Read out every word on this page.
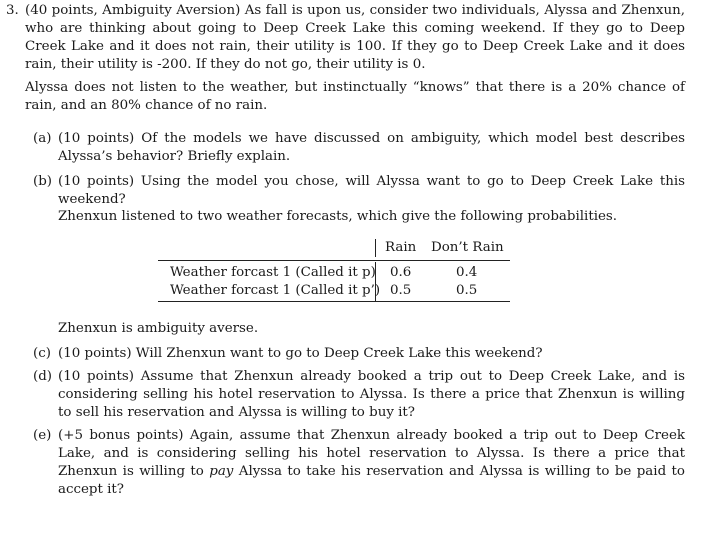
3. (40 points, Ambiguity Aversion) As fall is upon us, consider two individuals, Alyssa and Zhenxun, who are thinking about going to Deep Creek Lake this coming weekend. If they go to Deep Creek Lake and it does not rain, their utility is 100. If they go to Deep Creek Lake and it does rain, their utility is -200. If they do not go, their utility is 0.

Alyssa does not listen to the weather, but instinctually “knows” that there is a 20% chance of rain, and an 80% chance of no rain.

(a) (10 points) Of the models we have discussed on ambiguity, which model best describes Alyssa’s behavior? Briefly explain.

(b) (10 points) Using the model you chose, will Alyssa want to go to Deep Creek Lake this weekend?

Zhenxun listened to two weather forecasts, which give the following probabilities.

Rain Don’t Rain
Weather forcast 1 (Called it p) 0.6	0.4
Weather forcast 1 (Called it p’) 0.5	0.5

Zhenxun is ambiguity averse.

(c) (10 points) Will Zhenxun want to go to Deep Creek Lake this weekend?

(d) (10 points) Assume that Zhenxun already booked a trip out to Deep Creek Lake, and is considering selling his hotel reservation to Alyssa. Is there a price that Zhenxun is willing to sell his reservation and Alyssa is willing to buy it?

(e) (+5 bonus points) Again, assume that Zhenxun already booked a trip out to Deep Creek Lake, and is considering selling his hotel reservation to Alyssa. Is there a price that Zhenxun is willing to pay Alyssa to take his reservation and Alyssa is willing to be paid to accept it?
